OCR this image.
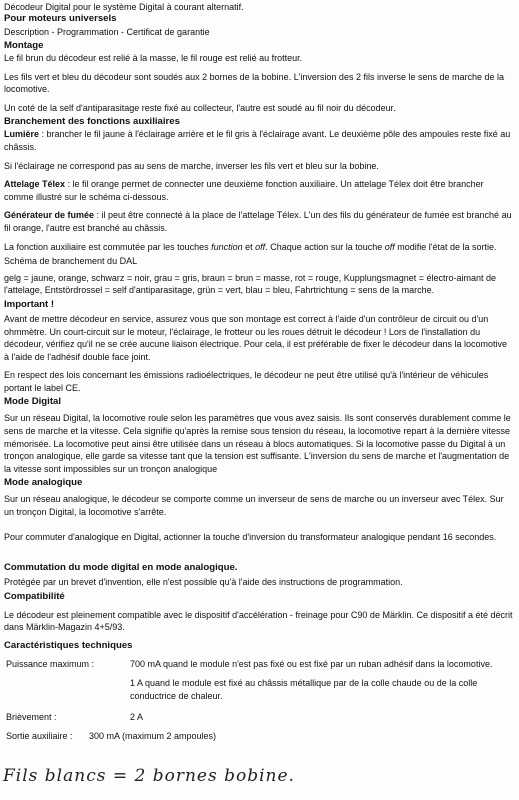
Décodeur Digital pour le système Digital à courant alternatif.

Pour moteurs universels

Description - Programmation - Certificat de garantie

Montage

Le fil brun du décodeur est relié à la masse, le fil rouge est relié au frotteur.

Les fils vert et bleu du décodeur sont soudés aux 2 bornes de la bobine. L'inversion des 2 fils inverse le sens de marche de la locomotive.

Un coté de la self d'antiparasitage reste fixé au collecteur, l'autre est soudé au fil noir du décodeur.

Branchement des fonctions auxiliaires

Lumière : brancher le fil jaune à l'éclairage arrière et le fil gris à l'éclairage avant. Le deuxième pôle des ampoules reste fixé au châssis.

Si l'éclairage ne correspond pas au sens de marche, inverser les fils vert et bleu sur la bobine.

Attelage Télex : le fil orange permet de connecter une deuxième fonction auxiliaire. Un attelage Télex doit être brancher comme illustré sur le schéma ci-dessous.

Générateur de fumée : il peut être connecté à la place de l'attelage Télex. L'un des fils du générateur de fumée est branché au fil orange, l'autre est branché au châssis.

La fonction auxiliaire est commutée par les touches function et off. Chaque action sur la touche off modifie l'état de la sortie.

Schéma de branchement du DAL

gelg = jaune, orange, schwarz = noir, grau = gris, braun = brun = masse, rot = rouge, Kupplungsmagnet = électro-aimant de l'attelage, Entstördrossel = self d'antiparasitage, grün = vert, blau = bleu, Fahrtrichtung = sens de la marche.

Important !

Avant de mettre décodeur en service, assurez vous que son montage est correct à l'aide d'un contrôleur de circuit ou d'un ohmmètre. Un court-circuit sur le moteur, l'éclairage, le frotteur ou les roues détruit le décodeur ! Lors de l'installation du décodeur, vérifiez qu'il ne se crée aucune liaison électrique. Pour cela, il est préférable de fixer le décodeur dans la locomotive à l'aide de l'adhésif double face joint.

En respect des lois concernant les émissions radioélectriques, le décodeur ne peut être utilisé qu'à l'intérieur de véhicules portant le label CE.

Mode Digital

Sur un réseau Digital, la locomotive roule selon les paramètres que vous avez saisis. Ils sont conservés durablement comme le sens de marche et la vitesse. Cela signifie qu'après la remise sous tension du réseau, la locomotive repart à la dernière vitesse mémorisée. La locomotive peut ainsi être utilisée dans un réseau à blocs automatiques. Si la locomotive passe du Digital à un tronçon analogique, elle garde sa vitesse tant que la tension est suffisante. L'inversion du sens de marche et l'augmentation de la vitesse sont impossibles sur un tronçon analogique

Mode analogique

Sur un réseau analogique, le décodeur se comporte comme un inverseur de sens de marche ou un inverseur avec Télex. Sur un tronçon Digital, la locomotive s'arrête.

Pour commuter d'analogique en Digital, actionner la touche d'inversion du transformateur analogique pendant 16 secondes.

Commutation du mode digital en mode analogique.

Protégée par un brevet d'invention, elle n'est possible qu'à l'aide des instructions de programmation.

Compatibilité

Le décodeur est pleinement compatible avec le dispositif d'accélération - freinage pour C90 de Märklin. Ce dispositif a été décrit dans Märklin-Magazin 4+5/93.

Caractéristiques techniques

Puissance maximum :	700 mA quand le module n'est pas fixé ou est fixé par un ruban adhésif dans la locomotive.

1 A quand le module est fixé au châssis métallique par de la colle chaude ou de la colle conductrice de chaleur.

Brièvement :	2 A
Sortie auxiliaire : 300 mA (maximum 2 ampoules)
Fils blancs = 2 bornes bobine.
